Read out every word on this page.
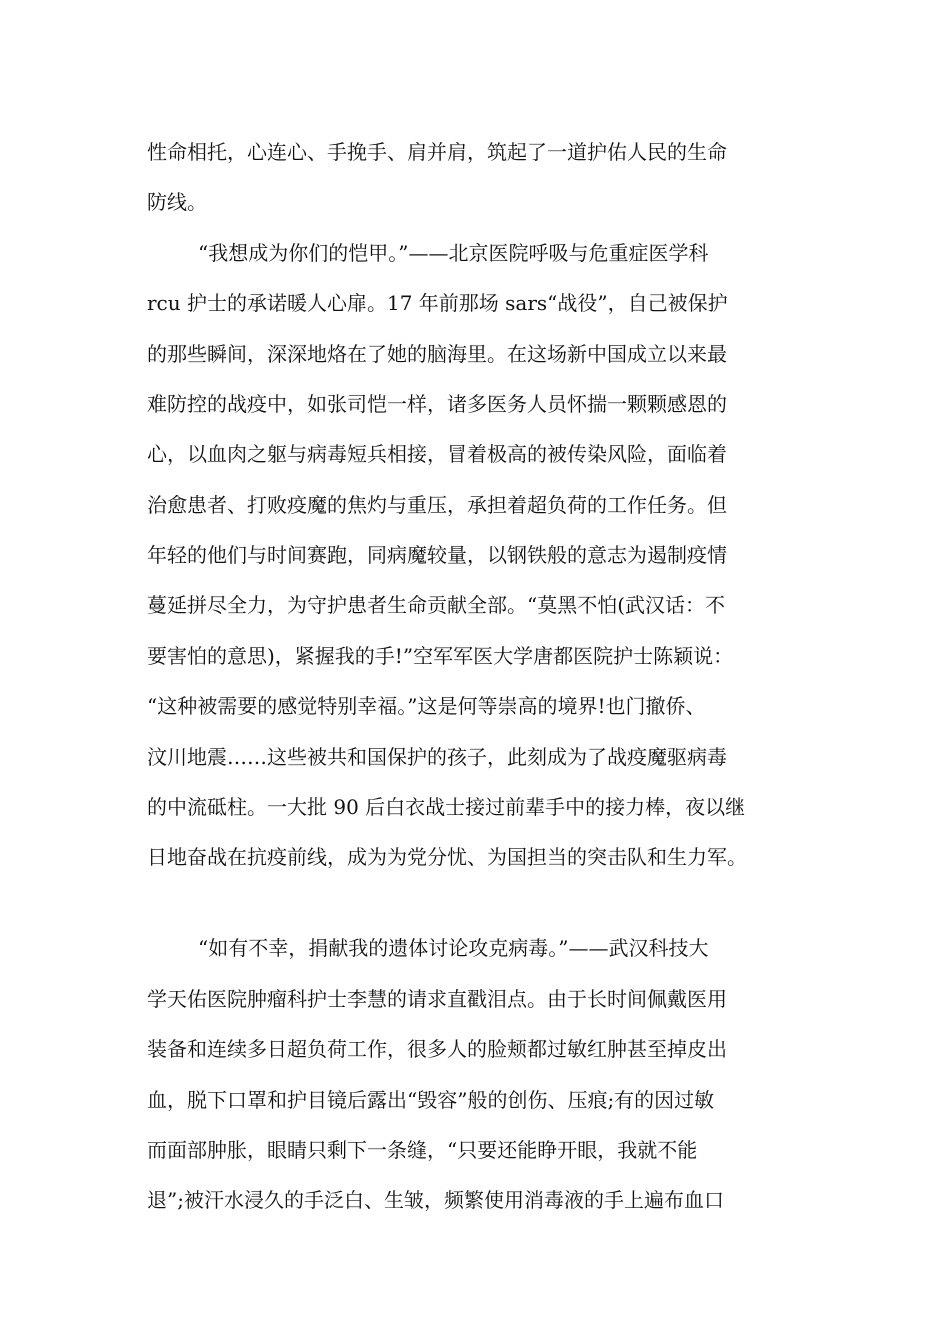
性命相托，心连心、手挽手、肩并肩，筑起了一道护佑人民的生命
防线。
“我想成为你们的恺甲。”——北京医院呼吸与危重症医学科
rcu 护士的承诺暖人心扉。17 年前那场 sars“战役”，自己被保护
的那些瞬间，深深地烙在了她的脑海里。在这场新中国成立以来最
难防控的战疫中，如张司恺一样，诸多医务人员怀揣一颗颗感恩的
心，以血肉之躯与病毒短兵相接，冒着极高的被传染风险，面临着
治愈患者、打败疫魔的焦灼与重压，承担着超负荷的工作任务。但
年轻的他们与时间赛跑，同病魔较量，以钢铁般的意志为遏制疫情
蔓延拼尽全力，为守护患者生命贡献全部。“莫黑不怕(武汉话：不
要害怕的意思)，紧握我的手!”空军军医大学唐都医院护士陈颖说：
“这种被需要的感觉特别幸福。”这是何等崇高的境界!也门撤侨、
汶川地震……这些被共和国保护的孩子，此刻成为了战疫魔驱病毒
的中流砥柱。一大批 90 后白衣战士接过前辈手中的接力棒，夜以继
日地奋战在抗疫前线，成为为党分忧、为国担当的突击队和生力军。
“如有不幸，捐献我的遗体讨论攻克病毒。”——武汉科技大
学天佑医院肿瘤科护士李慧的请求直戳泪点。由于长时间佩戴医用
装备和连续多日超负荷工作，很多人的脸颊都过敏红肿甚至掉皮出
血，脱下口罩和护目镜后露出“毁容”般的创伤、压痕;有的因过敏
而面部肿胀，眼睛只剩下一条缝，“只要还能睁开眼，我就不能
退”;被汗水浸久的手泛白、生皱，频繁使用消毒液的手上遍布血口
